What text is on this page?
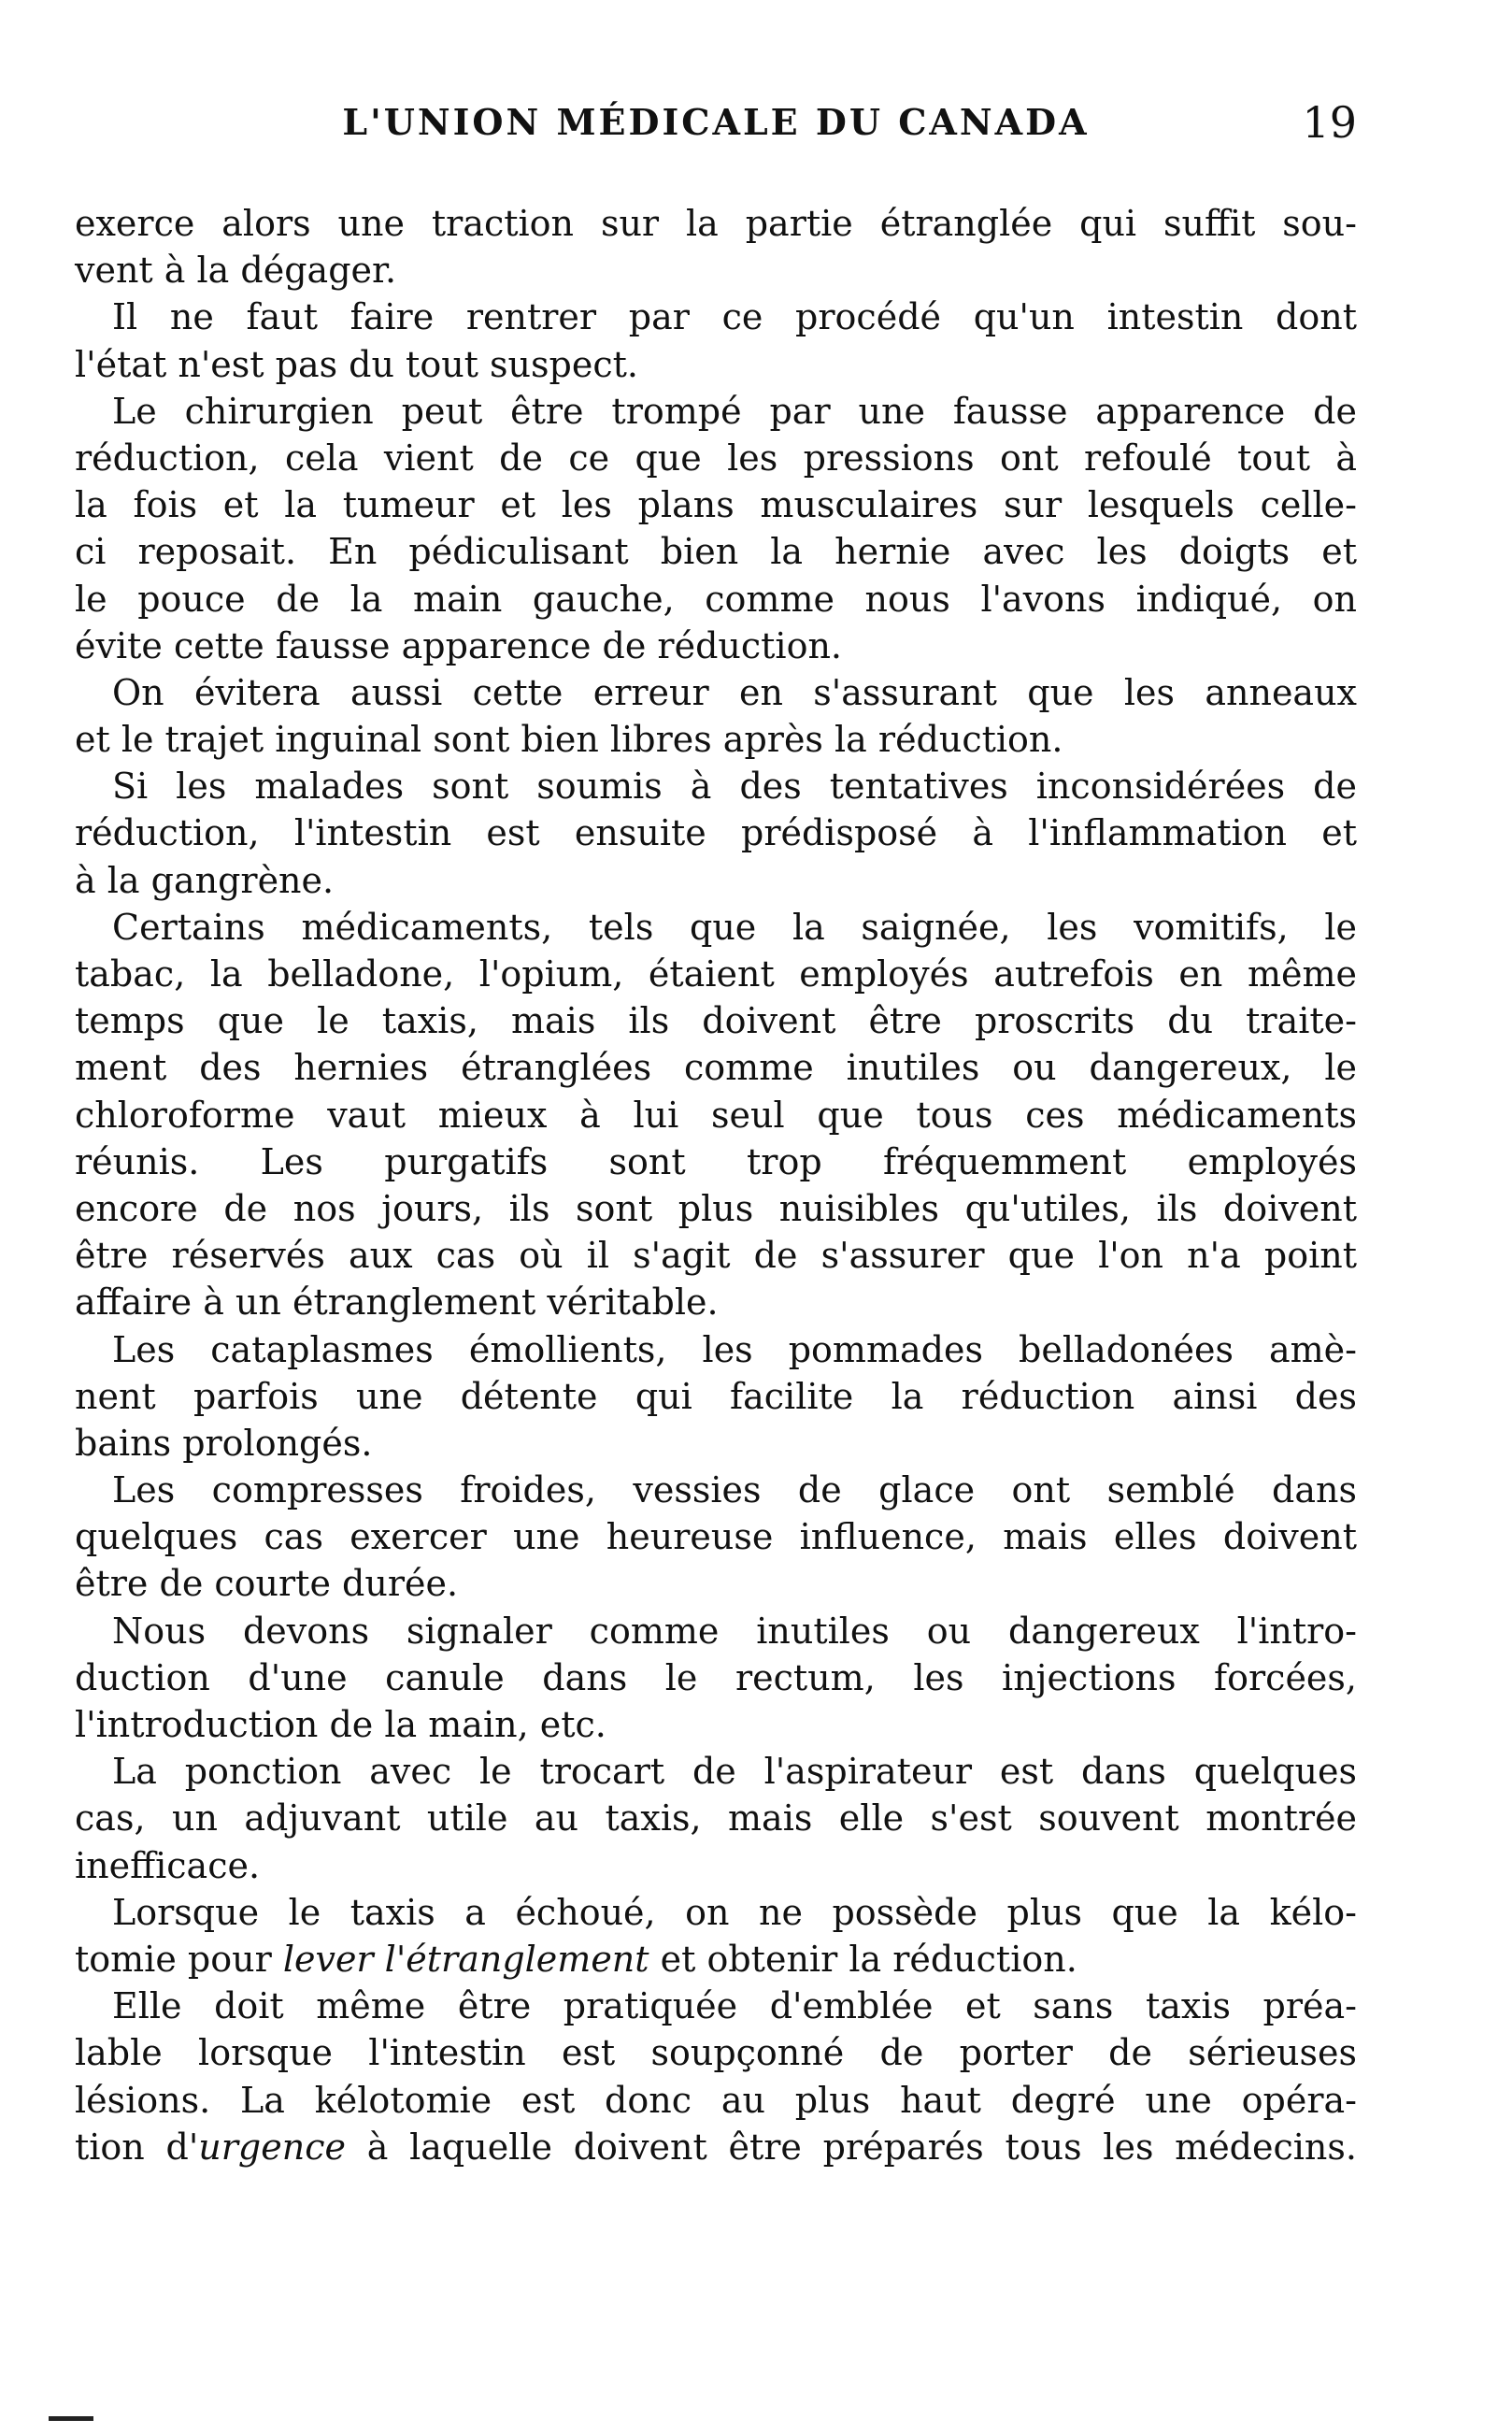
L'UNION MÉDICALE DU CANADA	19
exerce alors une traction sur la partie étranglée qui suffit sou-
vent à la dégager.
Il ne faut faire rentrer par ce procédé qu'un intestin dont
l'état n'est pas du tout suspect.
Le chirurgien peut être trompé par une fausse apparence de
réduction, cela vient de ce que les pressions ont refoulé tout à
la fois et la tumeur et les plans musculaires sur lesquels celle-
ci reposait. En pédiculisant bien la hernie avec les doigts et
le pouce de la main gauche, comme nous l'avons indiqué, on
évite cette fausse apparence de réduction.
On évitera aussi cette erreur en s'assurant que les anneaux
et le trajet inguinal sont bien libres après la réduction.
Si les malades sont soumis à des tentatives inconsidérées de
réduction, l'intestin est ensuite prédisposé à l'inflammation et
à la gangrène.
Certains médicaments, tels que la saignée, les vomitifs, le
tabac, la belladone, l'opium, étaient employés autrefois en même
temps que le taxis, mais ils doivent être proscrits du traite-
ment des hernies étranglées comme inutiles ou dangereux, le
chloroforme vaut mieux à lui seul que tous ces médicaments
réunis. Les purgatifs sont trop fréquemment employés
encore de nos jours, ils sont plus nuisibles qu'utiles, ils doivent
être réservés aux cas où il s'agit de s'assurer que l'on n'a point
affaire à un étranglement véritable.
Les cataplasmes émollients, les pommades belladonées amè-
nent parfois une détente qui facilite la réduction ainsi des
bains prolongés.
Les compresses froides, vessies de glace ont semblé dans
quelques cas exercer une heureuse influence, mais elles doivent
être de courte durée.
Nous devons signaler comme inutiles ou dangereux l'intro-
duction d'une canule dans le rectum, les injections forcées,
l'introduction de la main, etc.
La ponction avec le trocart de l'aspirateur est dans quelques
cas, un adjuvant utile au taxis, mais elle s'est souvent montrée
inefficace.
Lorsque le taxis a échoué, on ne possède plus que la kélo-
tomie pour lever l'étranglement et obtenir la réduction.
Elle doit même être pratiquée d'emblée et sans taxis préa-
lable lorsque l'intestin est soupçonné de porter de sérieuses
lésions. La kélotomie est donc au plus haut degré une opéra-
tion d'urgence à laquelle doivent être préparés tous les médecins.
